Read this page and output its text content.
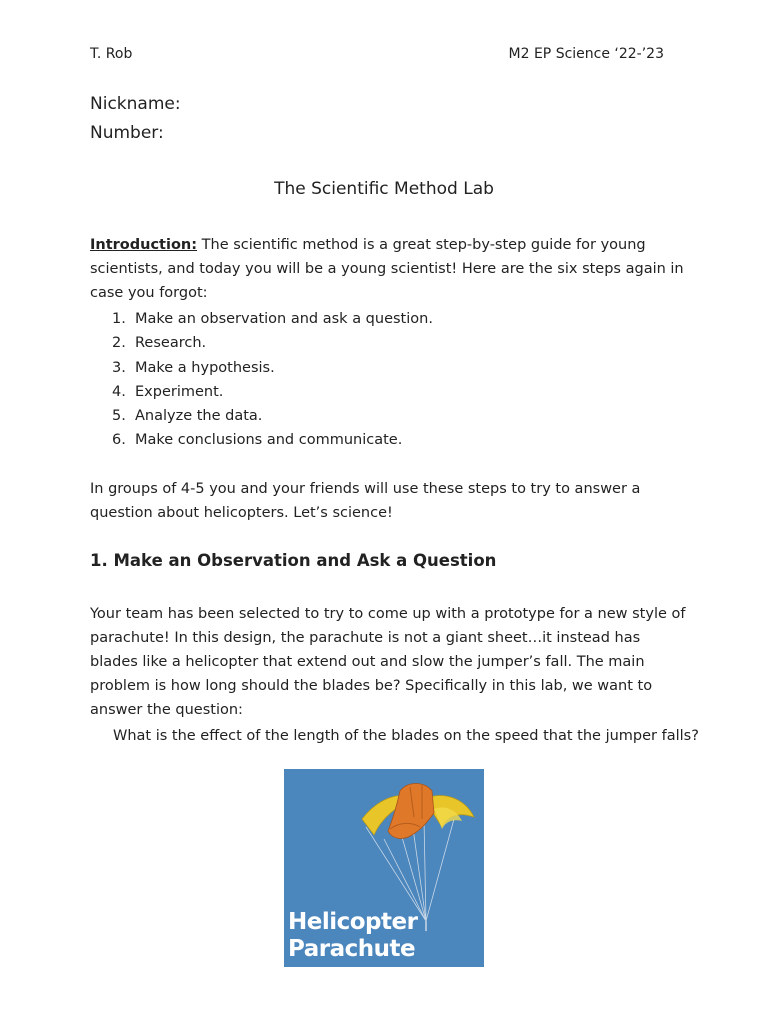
T. Rob	M2 EP Science ‘22-’23
Nickname:
Number:
The Scientific Method Lab
Introduction: The scientific method is a great step-by-step guide for young scientists, and today you will be a young scientist! Here are the six steps again in case you forgot:
1. Make an observation and ask a question.
2. Research.
3. Make a hypothesis.
4. Experiment.
5. Analyze the data.
6. Make conclusions and communicate.
In groups of 4-5 you and your friends will use these steps to try to answer a question about helicopters. Let’s science!
1. Make an Observation and Ask a Question
Your team has been selected to try to come up with a prototype for a new style of parachute! In this design, the parachute is not a giant sheet…it instead has blades like a helicopter that extend out and slow the jumper’s fall. The main problem is how long should the blades be? Specifically in this lab, we want to answer the question:
What is the effect of the length of the blades on the speed that the jumper falls?
Helicopter
Parachute
